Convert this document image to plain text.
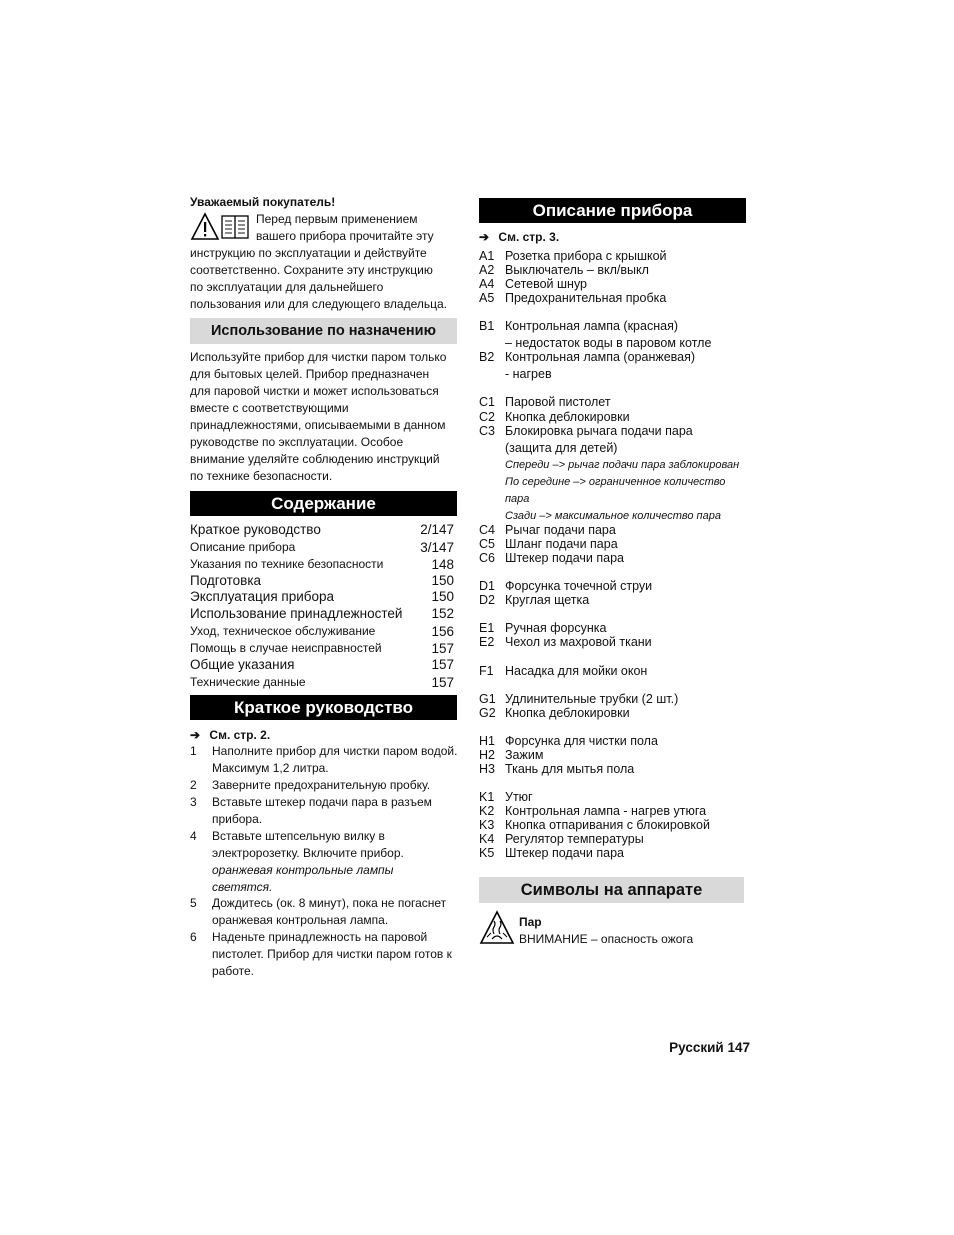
Уважаемый покупатель!
Перед первым применением
вашего прибора прочитайте эту
инструкцию по эксплуатации и действуйте
соответственно. Сохраните эту инструкцию
по эксплуатации для дальнейшего
пользования или для следующего владельца.
Использование по назначению
Используйте прибор для чистки паром только
для бытовых целей. Прибор предназначен
для паровой чистки и может использоваться
вместе с соответствующими
принадлежностями, описываемыми в данном
руководстве по эксплуатации. Особое
внимание уделяйте соблюдению инструкций
по технике безопасности.
Содержание
Краткое руководство	2/147
Описание прибора	3/147
Указания по технике безопасности	148
Подготовка	150
Эксплуатация прибора	150
Использование принадлежностей 152
Уход, техническое обслуживание	156
Помощь в случае неисправностей	157
Общие указания	157
Технические данные	157
Краткое руководство
➔ См. стр. 2.
1 Наполните прибор для чистки паром водой.
Максимум 1,2 литра.
2 Заверните предохранительную пробку.
3 Вставьте штекер подачи пара в разъем
прибора.
4 Вставьте штепсельную вилку в
электророзетку. Включите прибор.
оранжевая контрольные лампы
светятся.
5 Дождитесь (ок. 8 минут), пока не погаснет
оранжевая контрольная лампа.
6 Наденьте принадлежность на паровой
пистолет. Прибор для чистки паром готов к
работе.
Описание прибора
➔ См. стр. 3.
A1 Розетка прибора с крышкой
A2 Выключатель – вкл/выкл
A4 Сетевой шнур
A5 Предохранительная пробка
B1 Контрольная лампа (красная)
– недостаток воды в паровом котле
B2 Контрольная лампа (оранжевая)
- нагрев
C1 Паровой пистолет
C2 Кнопка деблокировки
C3 Блокировка рычага подачи пара
(защита для детей)
Спереди –> рычаг подачи пара заблокирован
По середине –> ограниченное количество
пара
Сзади –> максимальное количество пара
C4 Рычаг подачи пара
C5 Шланг подачи пара
C6 Штекер подачи пара
D1 Форсунка точечной струи
D2 Круглая щетка
E1 Ручная форсунка
E2 Чехол из махровой ткани
F1 Насадка для мойки окон
G1 Удлинительные трубки (2 шт.)
G2 Кнопка деблокировки
H1 Форсунка для чистки пола
H2 Зажим
H3 Ткань для мытья пола
K1 Утюг
K2 Контрольная лампа - нагрев утюга
K3 Кнопка отпаривания с блокировкой
K4 Регулятор температуры
K5 Штекер подачи пара
Символы на аппарате
Пар
ВНИМАНИЕ – опасность ожога
Русский 147
